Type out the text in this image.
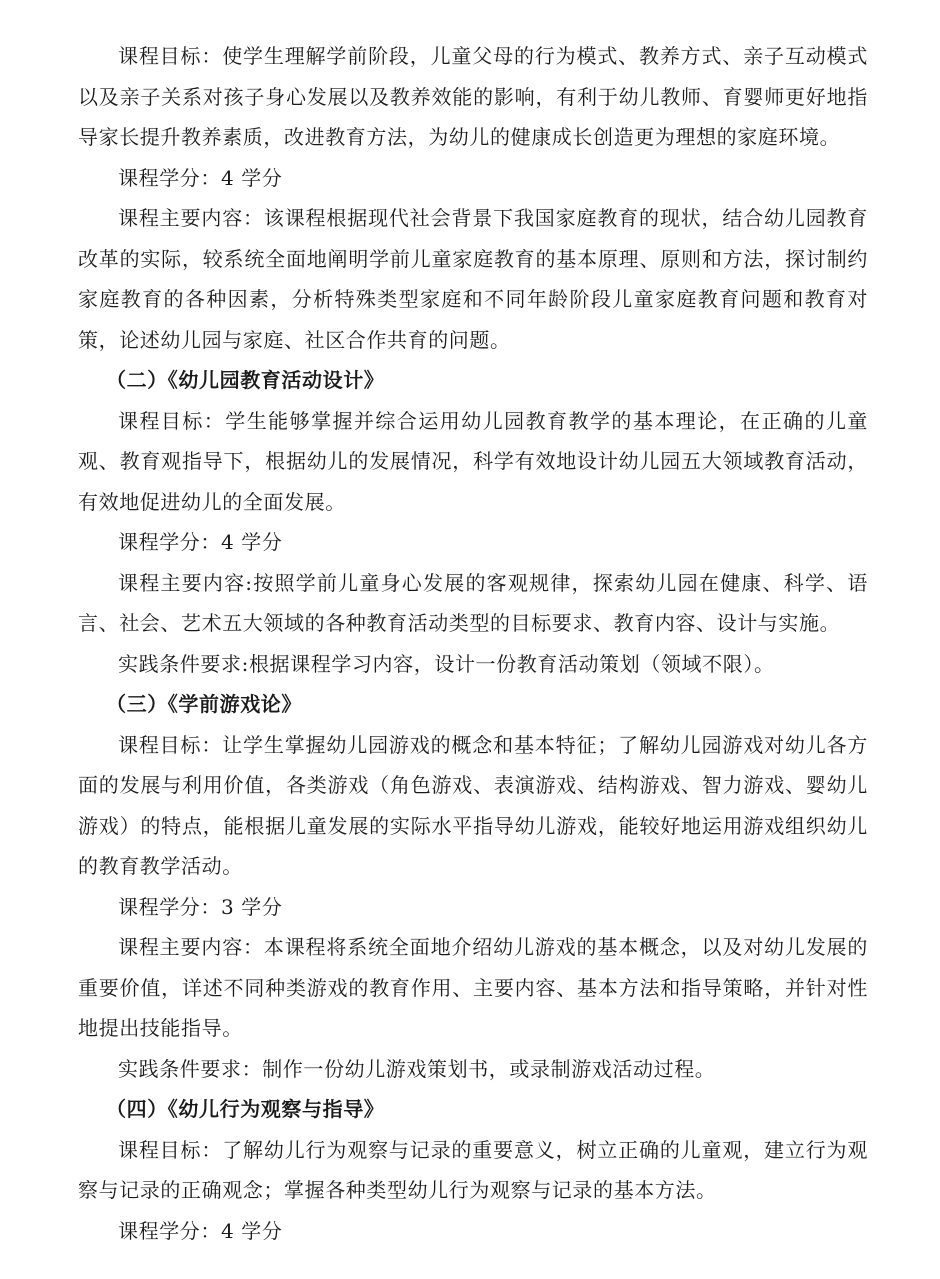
课程目标：使学生理解学前阶段，儿童父母的行为模式、教养方式、亲子互动模式以及亲子关系对孩子身心发展以及教养效能的影响，有利于幼儿教师、育婴师更好地指导家长提升教养素质，改进教育方法，为幼儿的健康成长创造更为理想的家庭环境。

课程学分：4 学分

课程主要内容：该课程根据现代社会背景下我国家庭教育的现状，结合幼儿园教育改革的实际，较系统全面地阐明学前儿童家庭教育的基本原理、原则和方法，探讨制约家庭教育的各种因素，分析特殊类型家庭和不同年龄阶段儿童家庭教育问题和教育对策，论述幼儿园与家庭、社区合作共育的问题。

（二）《幼儿园教育活动设计》

课程目标：学生能够掌握并综合运用幼儿园教育教学的基本理论，在正确的儿童观、教育观指导下，根据幼儿的发展情况，科学有效地设计幼儿园五大领域教育活动，有效地促进幼儿的全面发展。

课程学分：4 学分

课程主要内容:按照学前儿童身心发展的客观规律，探索幼儿园在健康、科学、语言、社会、艺术五大领域的各种教育活动类型的目标要求、教育内容、设计与实施。

实践条件要求:根据课程学习内容，设计一份教育活动策划（领域不限）。

（三）《学前游戏论》

课程目标：让学生掌握幼儿园游戏的概念和基本特征；了解幼儿园游戏对幼儿各方面的发展与利用价值，各类游戏（角色游戏、表演游戏、结构游戏、智力游戏、婴幼儿游戏）的特点，能根据儿童发展的实际水平指导幼儿游戏，能较好地运用游戏组织幼儿的教育教学活动。

课程学分：3 学分

课程主要内容：本课程将系统全面地介绍幼儿游戏的基本概念，以及对幼儿发展的重要价值，详述不同种类游戏的教育作用、主要内容、基本方法和指导策略，并针对性地提出技能指导。

实践条件要求：制作一份幼儿游戏策划书，或录制游戏活动过程。

（四）《幼儿行为观察与指导》

课程目标：了解幼儿行为观察与记录的重要意义，树立正确的儿童观，建立行为观察与记录的正确观念；掌握各种类型幼儿行为观察与记录的基本方法。

课程学分：4 学分
